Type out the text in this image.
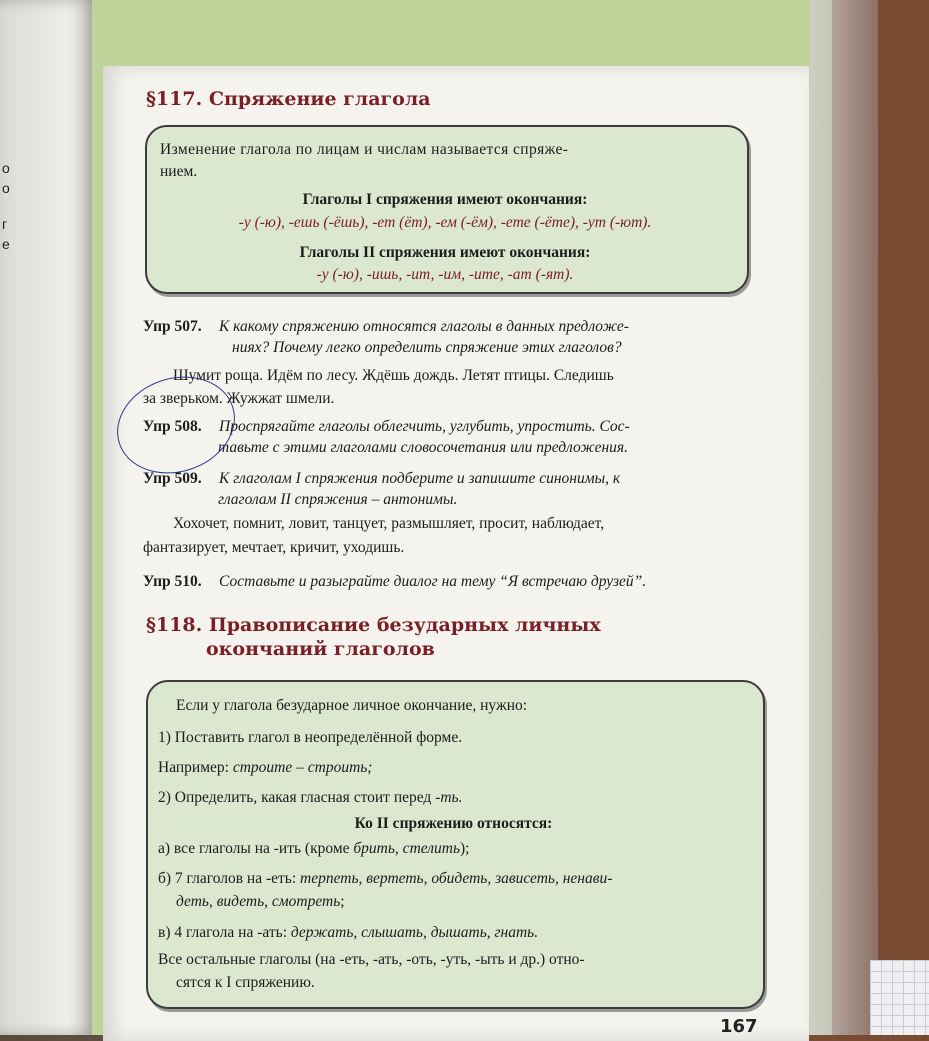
о
о
г
е
§117. Спряжение глагола
Изменение глагола по лицам и числам называется спряже-
нием.
Глаголы I спряжения имеют окончания:
-у (-ю), -ешь (-ёшь), -ет (ёт), -ем (-ём), -ете (-ёте), -ут (-ют).
Глаголы II спряжения имеют окончания:
-у (-ю), -ишь, -ит, -им, -ите, -ат (-ят).
Упр 507. К какому спряжению относятся глаголы в данных предложе-
ниях? Почему легко определить спряжение этих глаголов?
Шумит роща. Идём по лесу. Ждёшь дождь. Летят птицы. Следишь
за зверьком. Жужжат шмели.
Упр 508. Проспрягайте глаголы облегчить, углубить, упростить. Сос-
тавьте с этими глаголами словосочетания или предложения.
Упр 509. К глаголам I спряжения подберите и запишите синонимы, к
глаголам II спряжения – антонимы.
Хохочет, помнит, ловит, танцует, размышляет, просит, наблюдает,
фантазирует, мечтает, кричит, уходишь.
Упр 510. Составьте и разыграйте диалог на тему “Я встречаю друзей”.
§118. Правописание безударных личных
окончаний глаголов
Если у глагола безударное личное окончание, нужно:
1) Поставить глагол в неопределённой форме.
Например: строите – строить;
2) Определить, какая гласная стоит перед -ть.
Ко II спряжению относятся:
а) все глаголы на -ить (кроме брить, стелить);
б) 7 глаголов на -еть: терпеть, вертеть, обидеть, зависеть, ненави-
деть, видеть, смотреть;
в) 4 глагола на -ать: держать, слышать, дышать, гнать.
Все остальные глаголы (на -еть, -ать, -оть, -уть, -ыть и др.) отно-
сятся к I спряжению.
167
